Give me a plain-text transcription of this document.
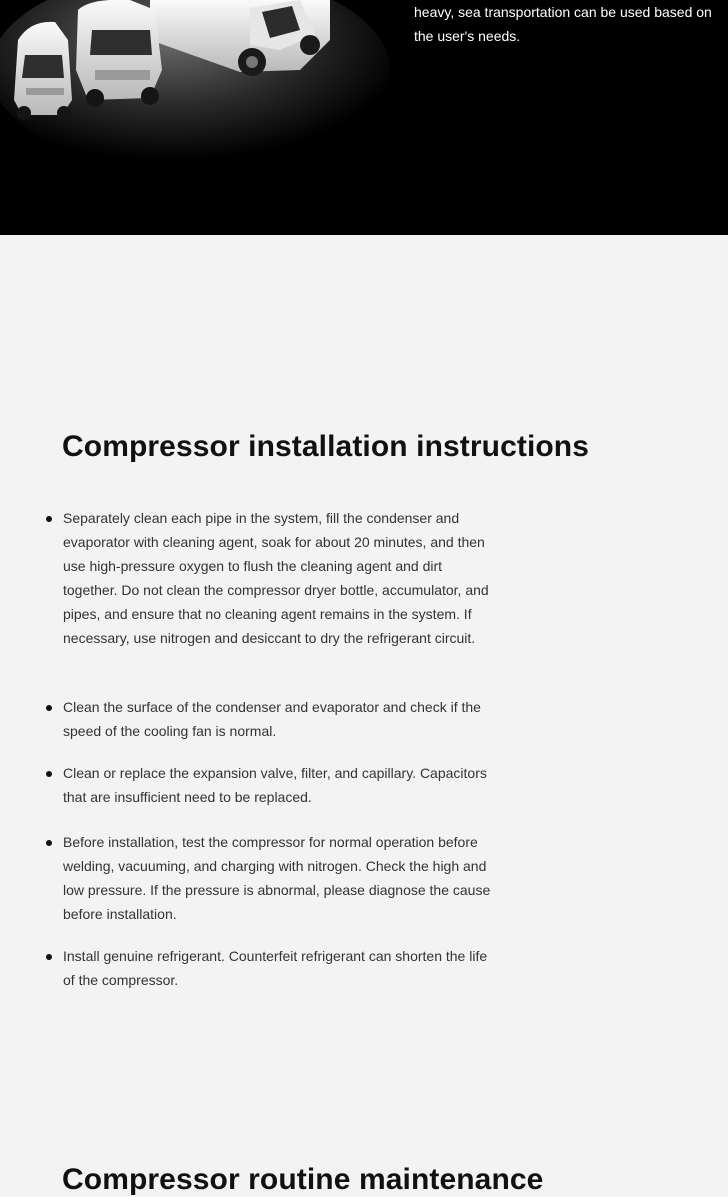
heavy, sea transportation can be used based on the user's needs.
Compressor installation instructions
Separately clean each pipe in the system, fill the condenser and evaporator with cleaning agent, soak for about 20 minutes, and then use high-pressure oxygen to flush the cleaning agent and dirt together. Do not clean the compressor dryer bottle, accumulator, and pipes, and ensure that no cleaning agent remains in the system. If necessary, use nitrogen and desiccant to dry the refrigerant circuit.
Clean the surface of the condenser and evaporator and check if the speed of the cooling fan is normal.
Clean or replace the expansion valve, filter, and capillary. Capacitors that are insufficient need to be replaced.
Before installation, test the compressor for normal operation before welding, vacuuming, and charging with nitrogen. Check the high and low pressure. If the pressure is abnormal, please diagnose the cause before installation.
Install genuine refrigerant. Counterfeit refrigerant can shorten the life of the compressor.
Compressor routine maintenance
